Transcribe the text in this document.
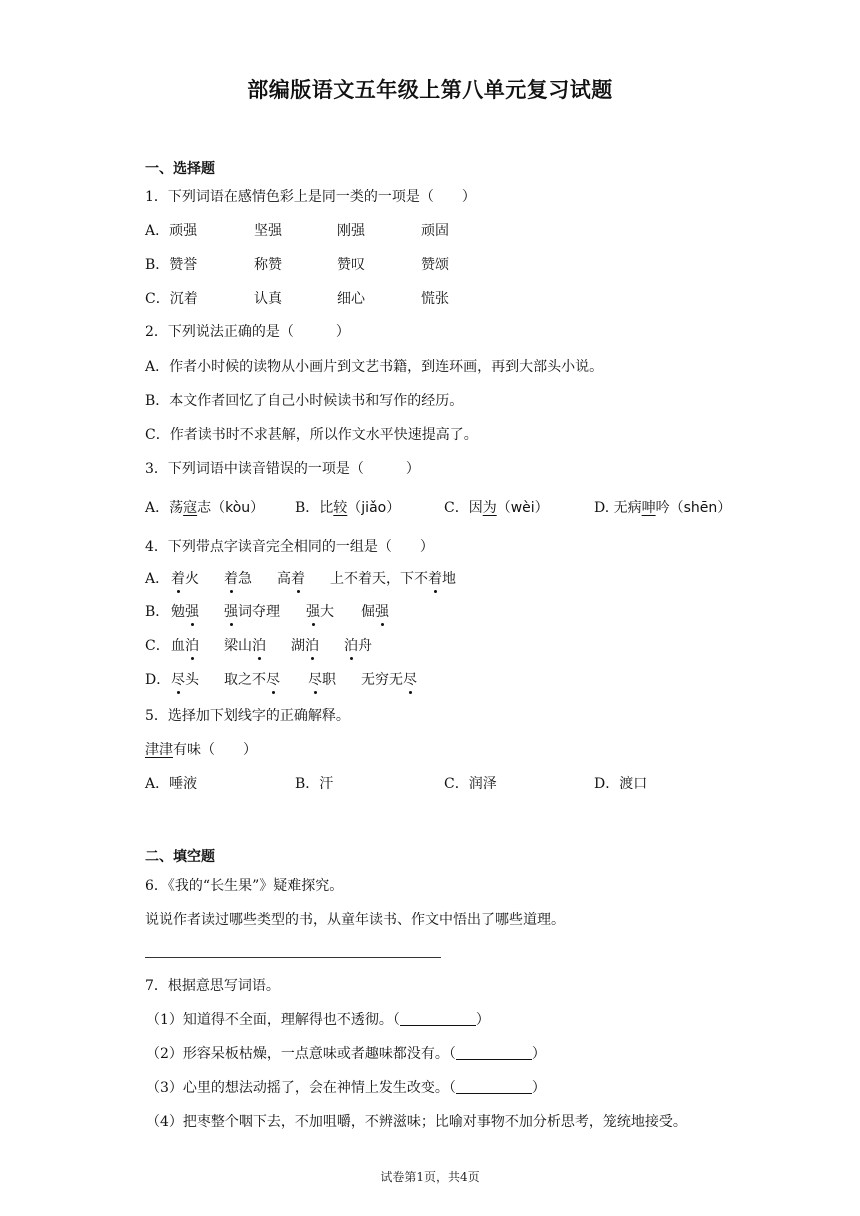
部编版语文五年级上第八单元复习试题
一、选择题
1．下列词语在感情色彩上是同一类的一项是（　　）
A．顽强	坚强	刚强	顽固
B．赞誉	称赞	赞叹	赞颂
C．沉着	认真	细心	慌张
2．下列说法正确的是（　　　）
A．作者小时候的读物从小画片到文艺书籍，到连环画，再到大部头小说。
B．本文作者回忆了自己小时候读书和写作的经历。
C．作者读书时不求甚解，所以作文水平快速提高了。
3．下列词语中读音错误的一项是（　　　）
A．荡寇志（kòu） B．比较（jiǎo）	C．因为（wèi）	D. 无病呻吟（shēn）
4．下列带点字读音完全相同的一组是（　　）
A． 着火 着急 高着 上不着天，下不着地
B． 勉强 强词夺理 强大 倔强
C． 血泊 梁山泊 湖泊 泊舟
D． 尽头 取之不尽 尽职 无穷无尽
5．选择加下划线字的正确解释。
津津有味（　　）
A．唾液	B．汗	C．润泽	D．渡口
二、填空题
6．《我的“长生果”》疑难探究。
说说作者读过哪些类型的书，从童年读书、作文中悟出了哪些道理。
7．根据意思写词语。
（1）知道得不全面，理解得也不透彻。（	）
（2）形容呆板枯燥，一点意味或者趣味都没有。（	）
（3）心里的想法动摇了，会在神情上发生改变。（	）
（4）把枣整个咽下去，不加咀嚼，不辨滋味；比喻对事物不加分析思考，笼统地接受。
试卷第1页，共4页
